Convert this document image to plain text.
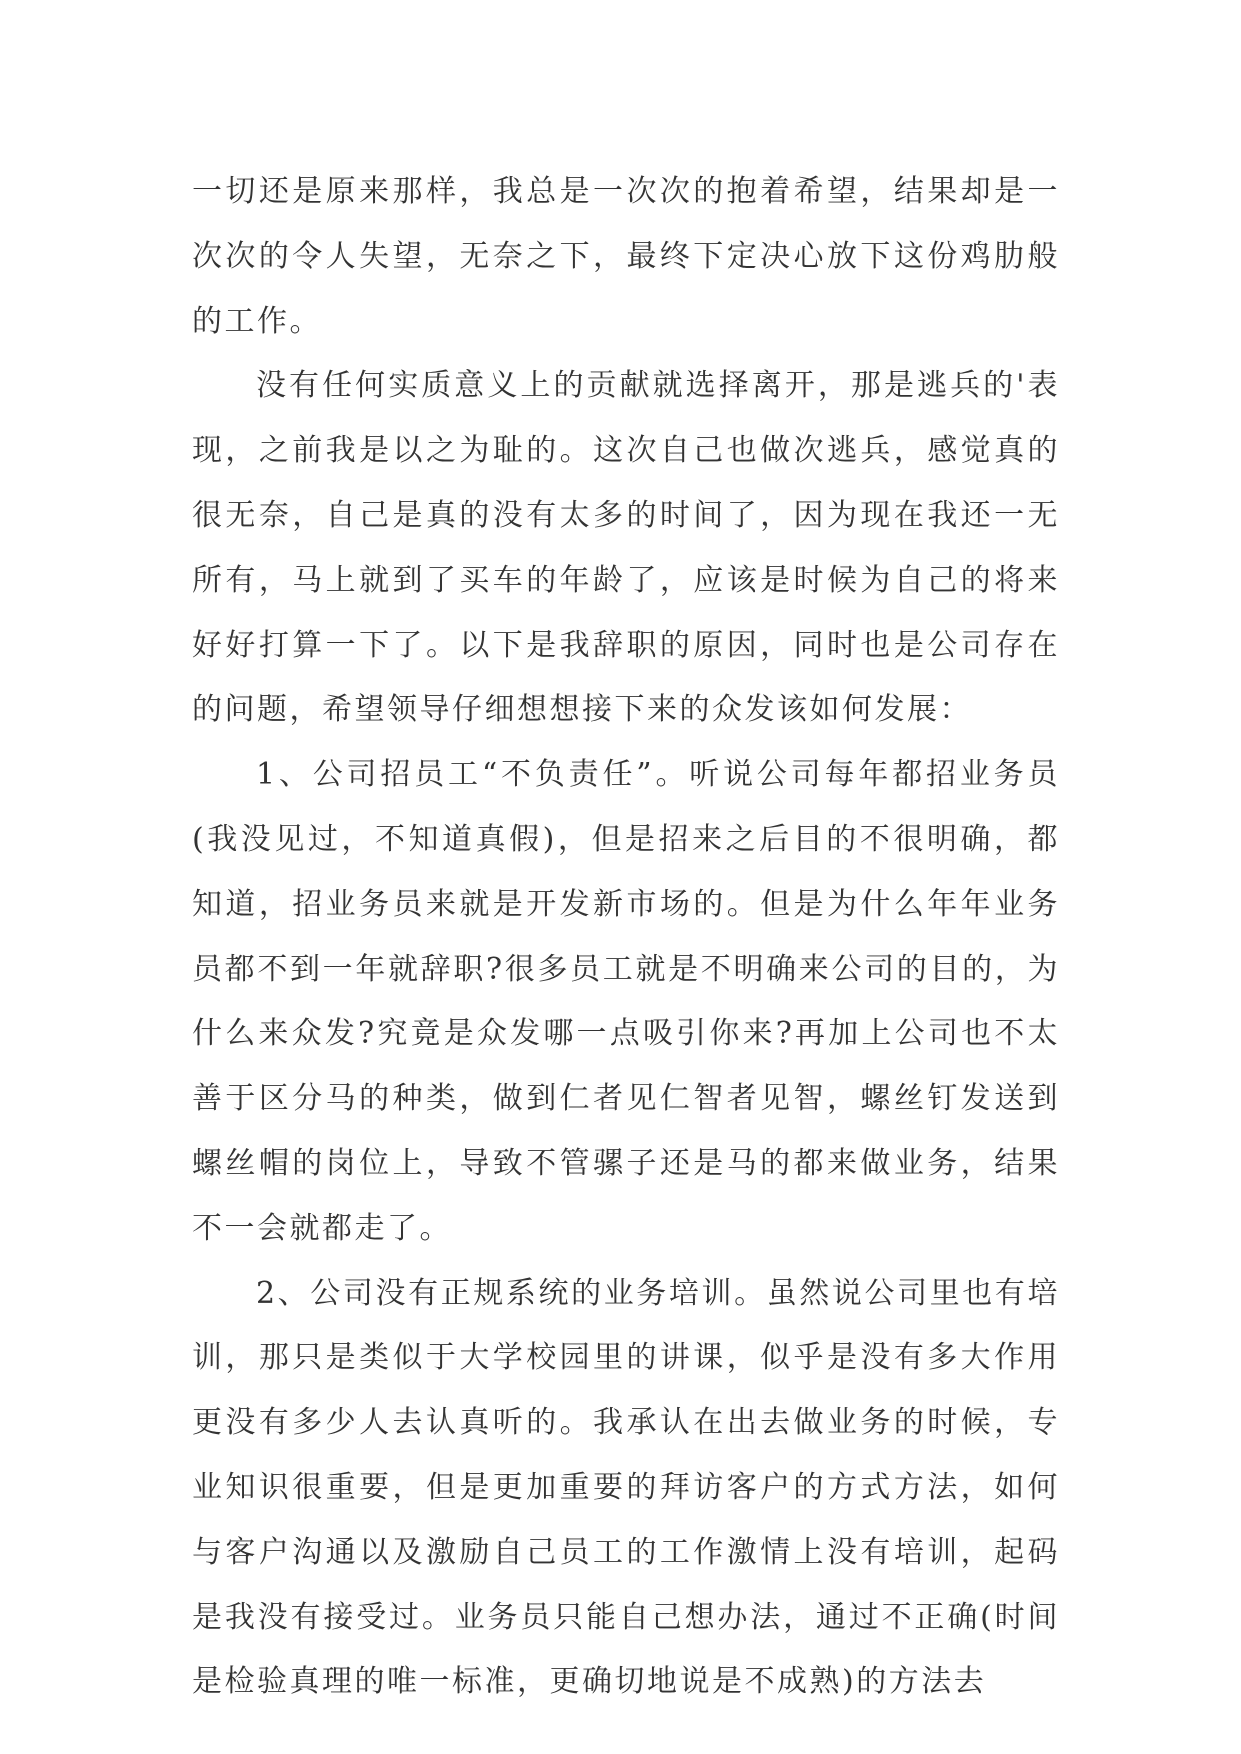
一切还是原来那样，我总是一次次的抱着希望，结果却是一次次的令人失望，无奈之下，最终下定决心放下这份鸡肋般的工作。

没有任何实质意义上的贡献就选择离开，那是逃兵的'表现，之前我是以之为耻的。这次自己也做次逃兵，感觉真的很无奈，自己是真的没有太多的时间了，因为现在我还一无所有，马上就到了买车的年龄了，应该是时候为自己的将来好好打算一下了。以下是我辞职的原因，同时也是公司存在的问题，希望领导仔细想想接下来的众发该如何发展：

1、公司招员工“不负责任”。听说公司每年都招业务员(我没见过，不知道真假)，但是招来之后目的不很明确，都知道，招业务员来就是开发新市场的。但是为什么年年业务员都不到一年就辞职?很多员工就是不明确来公司的目的，为什么来众发?究竟是众发哪一点吸引你来?再加上公司也不太善于区分马的种类，做到仁者见仁智者见智，螺丝钉发送到螺丝帽的岗位上，导致不管骡子还是马的都来做业务，结果不一会就都走了。

2、公司没有正规系统的业务培训。虽然说公司里也有培训，那只是类似于大学校园里的讲课，似乎是没有多大作用更没有多少人去认真听的。我承认在出去做业务的时候，专业知识很重要，但是更加重要的拜访客户的方式方法，如何与客户沟通以及激励自己员工的工作激情上没有培训，起码是我没有接受过。业务员只能自己想办法，通过不正确(时间是检验真理的唯一标准，更确切地说是不成熟)的方法去
